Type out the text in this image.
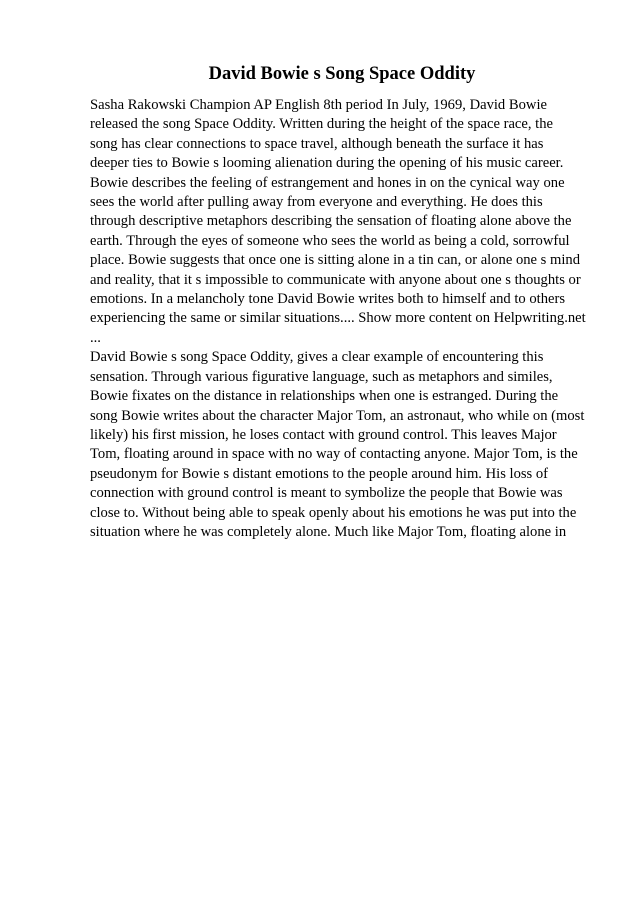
David Bowie s Song Space Oddity
Sasha Rakowski Champion AP English 8th period In July, 1969, David Bowie
released the song Space Oddity. Written during the height of the space race, the
song has clear connections to space travel, although beneath the surface it has
deeper ties to Bowie s looming alienation during the opening of his music career.
Bowie describes the feeling of estrangement and hones in on the cynical way one
sees the world after pulling away from everyone and everything. He does this
through descriptive metaphors describing the sensation of floating alone above the
earth. Through the eyes of someone who sees the world as being a cold, sorrowful
place. Bowie suggests that once one is sitting alone in a tin can, or alone one s mind
and reality, that it s impossible to communicate with anyone about one s thoughts or
emotions. In a melancholy tone David Bowie writes both to himself and to others
experiencing the same or similar situations.... Show more content on Helpwriting.net
...
David Bowie s song Space Oddity, gives a clear example of encountering this
sensation. Through various figurative language, such as metaphors and similes,
Bowie fixates on the distance in relationships when one is estranged. During the
song Bowie writes about the character Major Tom, an astronaut, who while on (most
likely) his first mission, he loses contact with ground control. This leaves Major
Tom, floating around in space with no way of contacting anyone. Major Tom, is the
pseudonym for Bowie s distant emotions to the people around him. His loss of
connection with ground control is meant to symbolize the people that Bowie was
close to. Without being able to speak openly about his emotions he was put into the
situation where he was completely alone. Much like Major Tom, floating alone in
